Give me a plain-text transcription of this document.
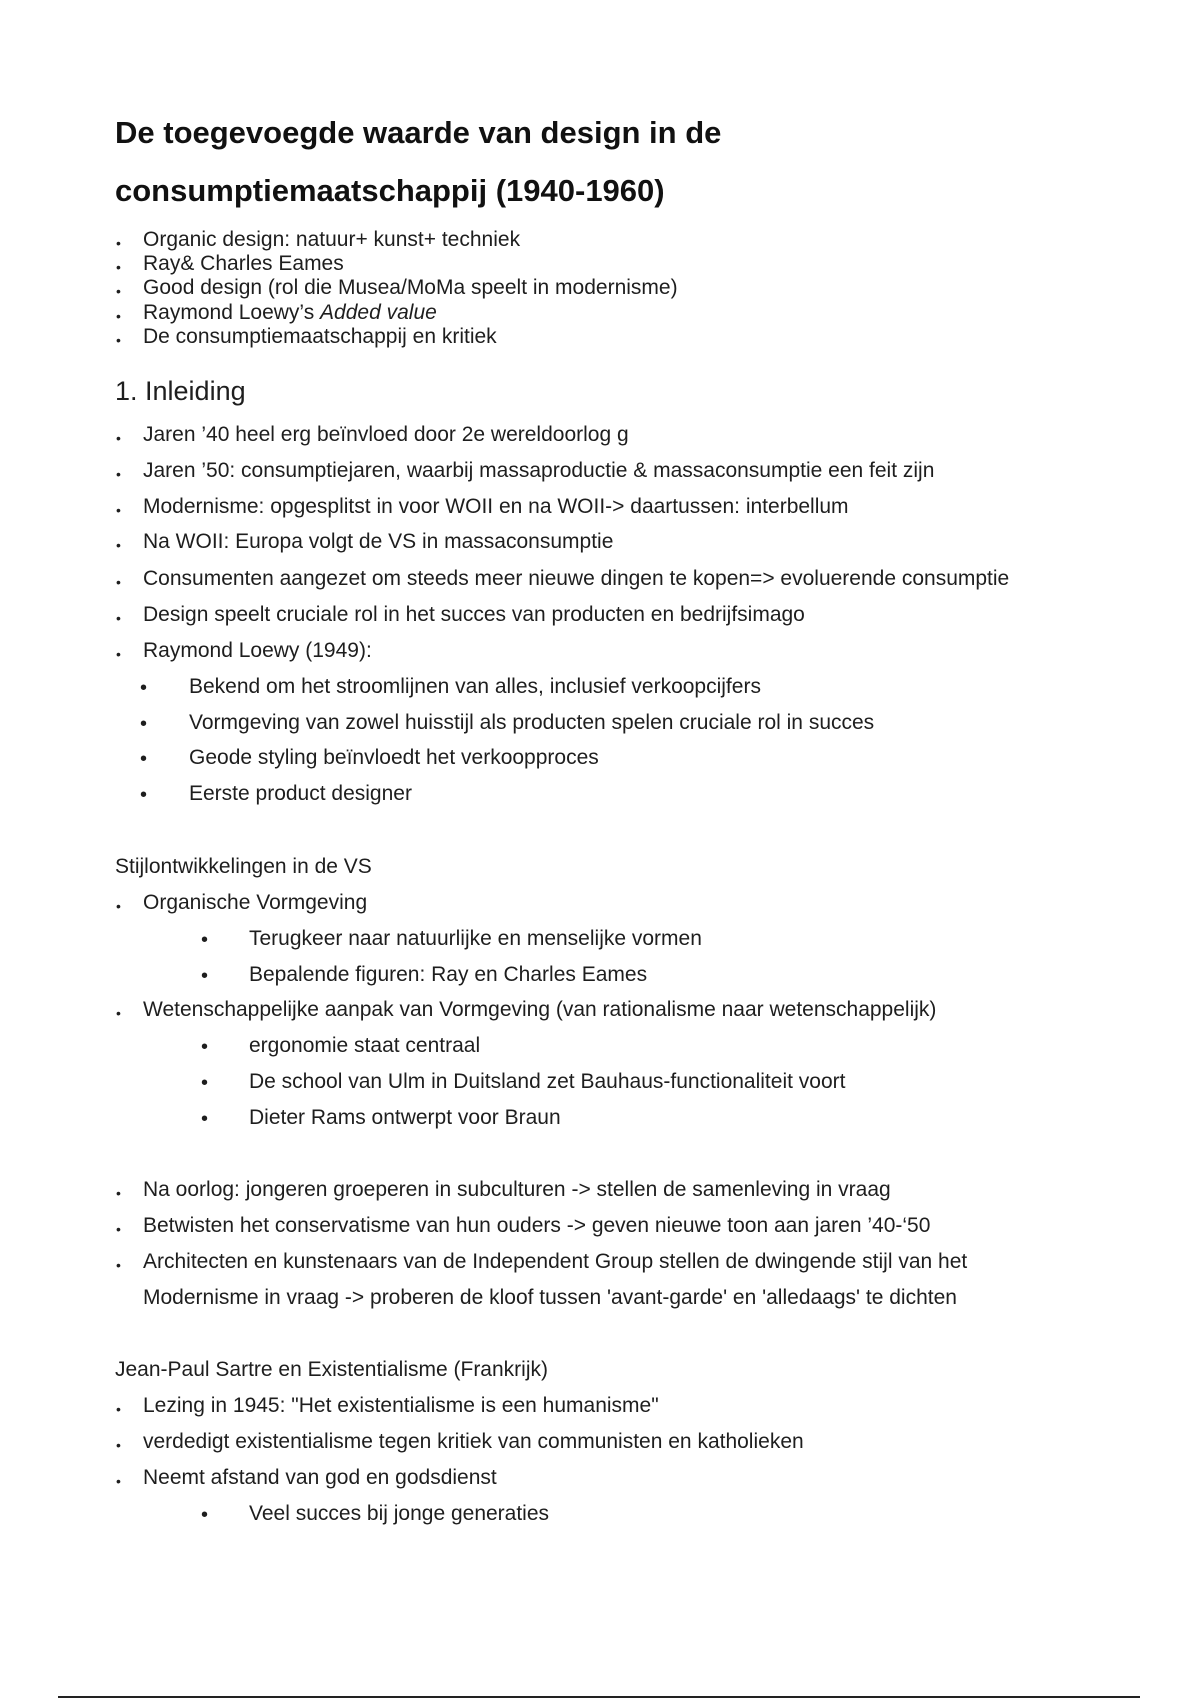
De toegevoegde waarde van design in de
consumptiemaatschappij (1940-1960)
• Organic design: natuur+ kunst+ techniek
• Ray& Charles Eames
• Good design (rol die Musea/MoMa speelt in modernisme)
• Raymond Loewy’s Added value
• De consumptiemaatschappij en kritiek
1. Inleiding
• Jaren ’40 heel erg beïnvloed door 2e wereldoorlog g
• Jaren ’50: consumptiejaren, waarbij massaproductie & massaconsumptie een feit zijn
• Modernisme: opgesplitst in voor WOII en na WOII-> daartussen: interbellum
• Na WOII: Europa volgt de VS in massaconsumptie
• Consumenten aangezet om steeds meer nieuwe dingen te kopen=> evoluerende consumptie
• Design speelt cruciale rol in het succes van producten en bedrijfsimago
• Raymond Loewy (1949):
• Bekend om het stroomlijnen van alles, inclusief verkoopcijfers
• Vormgeving van zowel huisstijl als producten spelen cruciale rol in succes
• Geode styling beïnvloedt het verkoopproces
• Eerste product designer
Stijlontwikkelingen in de VS
• Organische Vormgeving
• Terugkeer naar natuurlijke en menselijke vormen
• Bepalende figuren: Ray en Charles Eames
• Wetenschappelijke aanpak van Vormgeving (van rationalisme naar wetenschappelijk)
• ergonomie staat centraal
• De school van Ulm in Duitsland zet Bauhaus-functionaliteit voort
• Dieter Rams ontwerpt voor Braun
• Na oorlog: jongeren groeperen in subculturen -> stellen de samenleving in vraag
• Betwisten het conservatisme van hun ouders -> geven nieuwe toon aan jaren ’40-‘50
• Architecten en kunstenaars van de Independent Group stellen de dwingende stijl van het
Modernisme in vraag -> proberen de kloof tussen 'avant-garde' en 'alledaags' te dichten
Jean-Paul Sartre en Existentialisme (Frankrijk)
• Lezing in 1945: "Het existentialisme is een humanisme"
• verdedigt existentialisme tegen kritiek van communisten en katholieken
• Neemt afstand van god en godsdienst
• Veel succes bij jonge generaties
